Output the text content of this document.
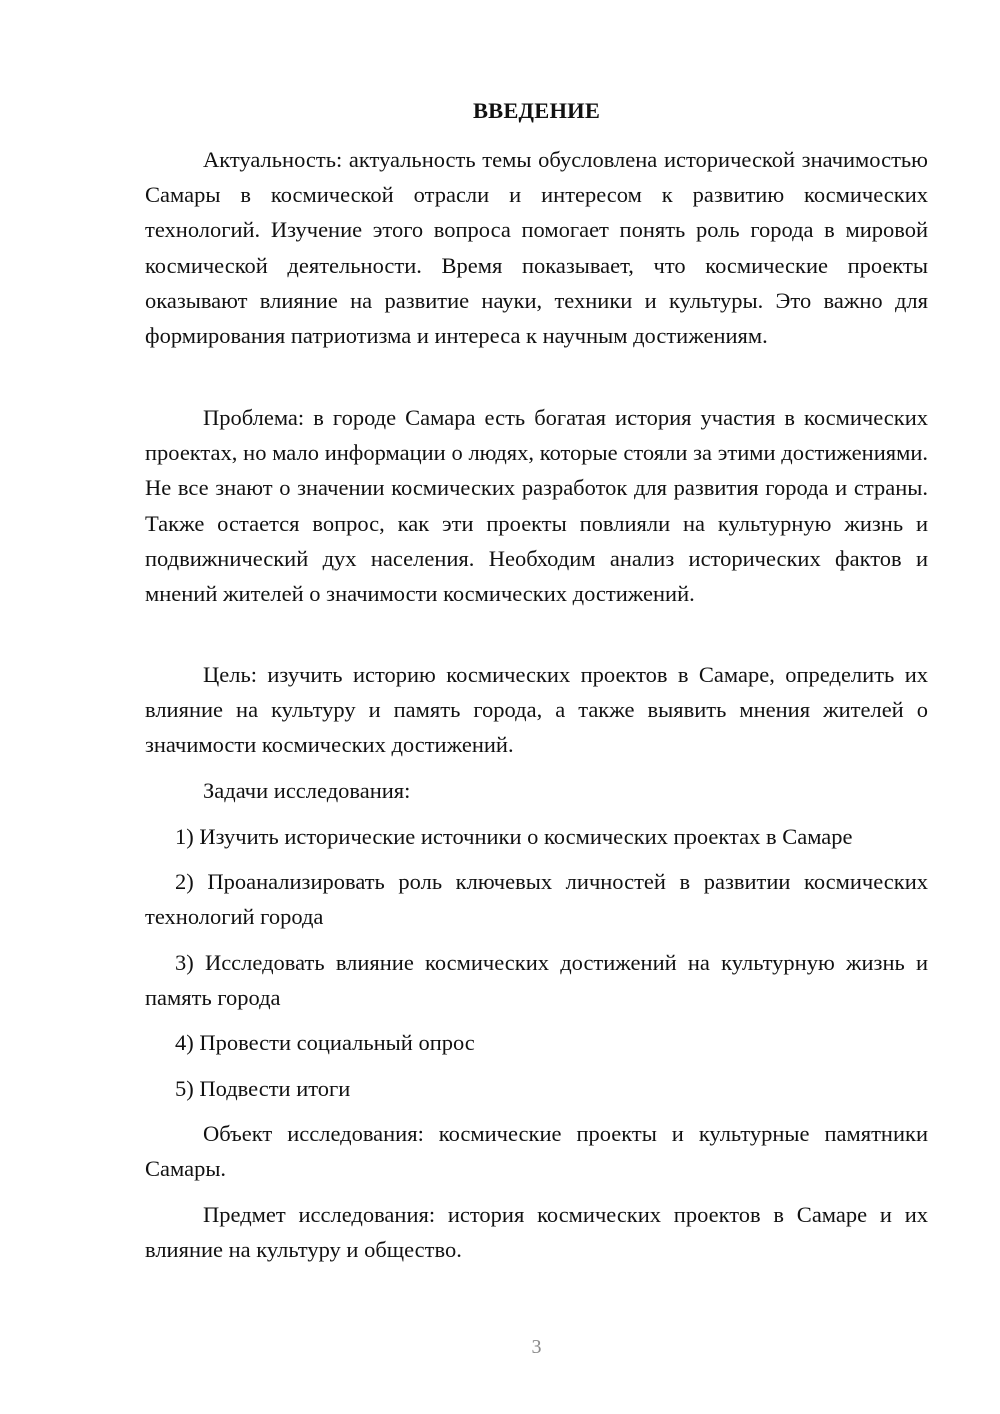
ВВЕДЕНИЕ

Актуальность: актуальность темы обусловлена исторической значимостью Самары в космической отрасли и интересом к развитию космических технологий. Изучение этого вопроса помогает понять роль города в мировой космической деятельности. Время показывает, что космические проекты оказывают влияние на развитие науки, техники и культуры. Это важно для формирования патриотизма и интереса к научным достижениям.

Проблема: в городе Самара есть богатая история участия в космических проектах, но мало информации о людях, которые стояли за этими достижениями. Не все знают о значении космических разработок для развития города и страны. Также остается вопрос, как эти проекты повлияли на культурную жизнь и подвижнический дух населения. Необходим анализ исторических фактов и мнений жителей о значимости космических достижений.

Цель: изучить историю космических проектов в Самаре, определить их влияние на культуру и память города, а также выявить мнения жителей о значимости космических достижений.

Задачи исследования:

1) Изучить исторические источники о космических проектах в Самаре

2) Проанализировать роль ключевых личностей в развитии космических технологий города

3) Исследовать влияние космических достижений на культурную жизнь и память города

4) Провести социальный опрос

5) Подвести итоги

Объект исследования: космические проекты и культурные памятники Самары.

Предмет исследования: история космических проектов в Самаре и их влияние на культуру и общество.

3
